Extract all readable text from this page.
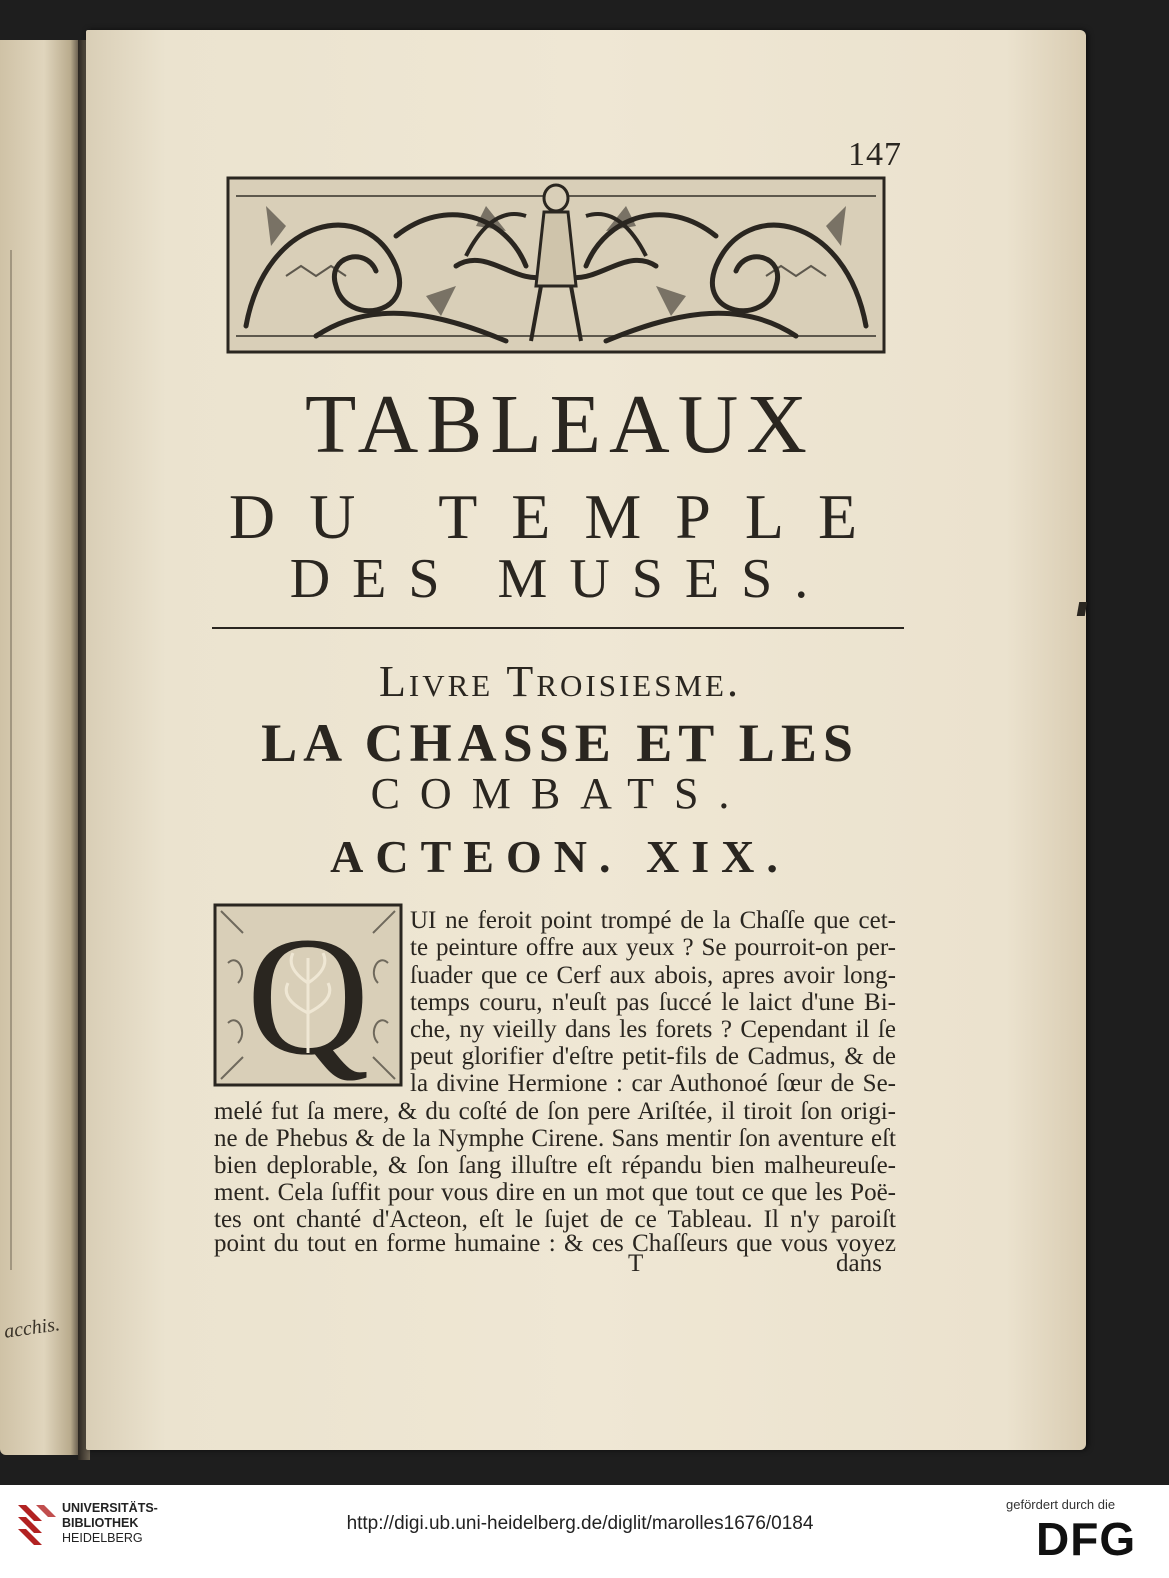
acchis.
147
TABLEAUX
DU TEMPLE
DES MUSES.
Livre Troisiesme.
LA CHASSE ET LES
COMBATS.
ACTEON. XIX.
Q UI ne feroit point trompé de la Chaſſe que cet-
te peinture offre aux yeux ? Se pourroit-on per-
ſuader que ce Cerf aux abois, apres avoir long-
temps couru, n'euſt pas ſuccé le laict d'une Bi-
che, ny vieilly dans les forets ? Cependant il ſe
peut glorifier d'eſtre petit-fils de Cadmus, & de
la divine Hermione : car Authonoé ſœur de Se-
melé fut ſa mere, & du coſté de ſon pere Ariſtée, il tiroit ſon origi-
ne de Phebus & de la Nymphe Cirene. Sans mentir ſon aventure eſt
bien deplorable, & ſon ſang illuſtre eſt répandu bien malheureuſe-
ment. Cela ſuffit pour vous dire en un mot que tout ce que les Poë-
tes ont chanté d'Acteon, eſt le ſujet de ce Tableau. Il n'y paroiſt
point du tout en forme humaine : & ces Chaſſeurs que vous voyez
T	dans
UNIVERSITÄTS-
BIBLIOTHEK
HEIDELBERG
http://digi.ub.uni-heidelberg.de/diglit/marolles1676/0184
gefördert durch die
DFG
